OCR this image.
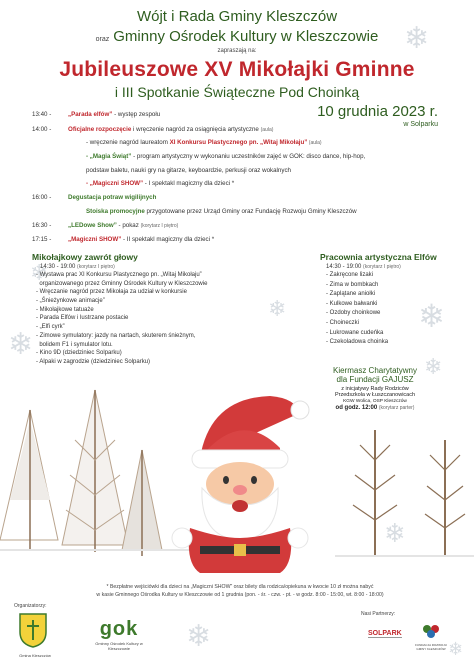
❄
❄
❄
❄	❄
❄
❄
❄	❄
Wójt i Rada Gminy Kleszczów
oraz Gminny Ośrodek Kultury w Kleszczowie
zapraszają na:
Jubileuszowe XV Mikołajki Gminne
i III Spotkanie Świąteczne Pod Choinką
10 grudnia 2023 r.
w Solparku
13:40 -	„Parada elfów” - występ zespołu
14:00 -	Oficjalne rozpoczęcie i wręczenie nagród za osiągnięcia artystyczne (aula)
- wręczenie nagród laureatom XI Konkursu Plastycznego pn. „Witaj Mikołaju” (aula)
- „Magia Świąt” - program artystyczny w wykonaniu uczestników zajęć w GOK: disco dance, hip-hop,
podstaw baletu, nauki gry na gitarze, keyboardzie, perkusji oraz wokalnych
- „Magiczni SHOW” - I spektakl magiczny dla dzieci *
16:00 -	Degustacja potraw wigilijnych
Stoiska promocyjne przygotowane przez Urząd Gminy oraz Fundację Rozwoju Gminy Kleszczów
16:30 -	„LEDowe Show” - pokaz (korytarz I piętro)
17:15 -	„Magiczni SHOW” - II spektakl magiczny dla dzieci *
Mikołajkowy zawrót głowy
14:30 - 19:00 (korytarz I piętro)
- Wystawa prac XI Konkursu Plastycznego pn. „Witaj Mikołaju”
organizowanego przez Gminny Ośrodek Kultury w Kleszczowie
- Wręczanie nagród przez Mikołaja za udział w konkursie
- „Śnieżynkowe animacje”
- Mikołajkowe tatuaże
- Parada Elfów i lustrzane postacie
- „Elfi cyrk”
- Zimowe symulatory: jazdy na nartach, skuterem śnieżnym,
bolidem F1 i symulator lotu.
- Kino 9D (dziedziniec Solparku)
- Alpaki w zagrodzie (dziedziniec Solparku)
Pracownia artystyczna Elfów
14:30 - 19:00 (korytarz I piętro)
- Zakręcone lizaki
- Zima w bombkach
- Zaplątane aniołki
- Kulkowe bałwanki
- Ozdoby choinkowe
- Choineczki
- Lukrowane cudeńka
- Czekoladowa choinka
Kiermasz Charytatywny
dla Fundacji GAJUSZ
z inicjatywy Rady Rodziców
Przedszkola w Łuszczanowicach
KGW Wolica, OSP Kleszczów
od godz. 12:00 (korytarz parter)
* Bezpłatne wejściówki dla dzieci na „Magiczni SHOW” oraz bilety dla rodzica/opiekuna w kwocie 10 zł można nabyć
w kasie Gminnego Ośrodka Kultury w Kleszczowie od 1 grudnia (pon. - śr. - czw. - pt. - w godz. 8:00 - 15:00, wt. 8:00 - 18:00)
Organizatorzy:
Nasi Partnerzy:
Gmina Kleszczów
gok
Gminny Ośrodek Kultury w Kleszczowie
SOLPARK
FUNDACJA ROZWOJU GMINY KLESZCZÓW
